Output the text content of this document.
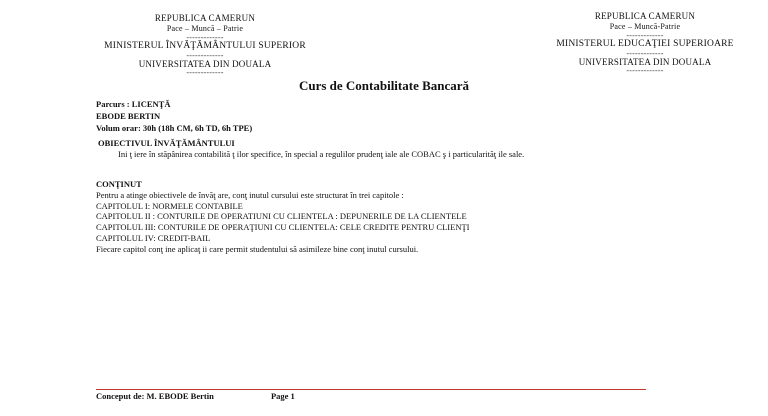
REPUBLICA CAMERUN
Pace – Muncă – Patrie
-------------
MINISTERUL ÎNVĂŢĂMÂNTULUI SUPERIOR
-------------
UNIVERSITATEA DIN DOUALA
-------------
REPUBLICA CAMERUN
Pace – Muncă-Patrie
-------------
MINISTERUL EDUCAŢIEI SUPERIOARE
-------------
UNIVERSITATEA DIN DOUALA
-------------
Curs de Contabilitate Bancară
Parcurs : LICENŢĂ
EBODE BERTIN
Volum orar: 30h (18h CM, 6h TD, 6h TPE)
OBIECTIVUL ÎNVĂŢĂMÂNTULUI
Ini ţ iere în stăpânirea contabilită ţ ilor specifice, în special a regulilor prudenţ iale ale COBAC ş i particularităţ ile sale.
CONŢINUT
Pentru a atinge obiectivele de învăţ are, conţ inutul cursului este structurat în trei capitole :
CAPITOLUL I: NORMELE CONTABILE
CAPITOLUL II : CONTURILE DE OPERATIUNI CU CLIENTELA : DEPUNERILE DE LA CLIENTELE
CAPITOLUL III: CONTURILE DE OPERAŢIUNI CU CLIENTELA: CELE CREDITE PENTRU CLIENŢI
CAPITOLUL IV: CREDIT-BAIL
Fiecare capitol conţ ine aplicaţ ii care permit studentului să asimileze bine conţ inutul cursului.
Conceput de: M. EBODE Bertin	Page 1
